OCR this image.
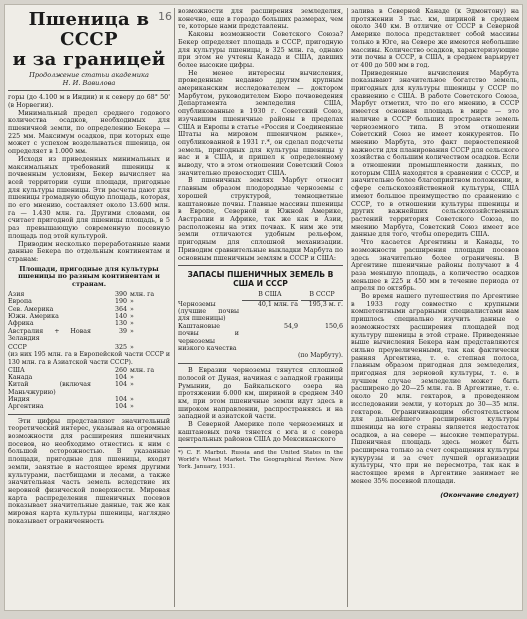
16
Пшеница в СССР
и за границей
Продолжение статьи академика
Н. И. Вавилова

горы (до 4.100 м в Индии) и к северу до 68° 50' (в Норвегии).

Минимальный предел среднего годового количества осадков, необходимых для пшеничной земли, по определению Бекера — 225 мм. Максимум осадков, при которых еще может с успехом возделываться пшеница, он определяет в 1.000 мм.

Исходя из приведенных минимальных и максимальных требований пшеницы к почвенным условиям, Бекер вычисляет на всей территории суши площади, пригодные для культуры пшеницы. Эти расчеты дают для пшеницы громадную общую площадь, которая, по его мнению, составляет около 13.600 млн. га — 1.430 млн. га. Другими словами, он считает пригодной для пшеницы площадь, в 5 раз превышающую современную посевную площадь под этой культурой.

Приводим несколько переработанные нами данные Бекера по отдельным континентам и странам:

Площади, пригодные для культуры пшеницы по разным континентам и странам.
Азия	390	млн. га
Европа	190	»
Сев. Америка	364	»
Южн. Америка	140	»
Африка	130	»
Австралия + Новая Зеландия	39	»
СССР	325	»

(из них 195 млн. га в Европейской части СССР и 130 млн. га в Азиатской части СССР).

США	260	млн. га
Канада	104	»
Китай (включая Маньчжурию)	104	»
Индия	104	»
Аргентина	104	»

Эти цифры представляют значительный теоретический интерес, указывая на огромные возможности для расширения пшеничных посевов, но необходимо отнестись к ним с большой осторожностью. В указанные площади, пригодные для пшеницы, входят земли, занятые в настоящее время другими культурами, пастбищами и лесами, а также значительная часть земель вследствие их неровной физической поверхности. Мировая карта распределения пшеничных посевов показывает значительные данные, так же как мировая карта культуры пшеницы, наглядно показывает ограниченность

возможности для расширения земледелия, конечно, еще в гораздо больших размерах, чем те, которые нами представлены.

Каковы возможности Советского Союза? Бекер определяет площадь в СССР, пригодную для культуры пшеницы, в 325 млн. га, однако при этом не учтены Канада и США, давших более высокие цифры.

Не менее интересны вычисления, проведенные недавно другим крупным американским исследователем — доктором Марбутом, руководителем Бюро почвоведения Департамента земледелия США, опубликованные в 1930 г. Советский Союз, изучавшим пшеничные районы в пределах США и Европы в статье «Россия и Соединенные Штаты на мировом пшеничном рынке», опубликованной в 1931 г.*, он сделал подсчеты земель, пригодных для культуры пшеницы у нас и в США, и пришел к определенному выводу, что в этом отношении Советский Союз значительно превосходит США.

В пшеничных землях Марбут относит главным образом плодородные черноземы с хорошей структурой, темноцветные каштановые почвы. Главные массивы пшеницы в Европе, Северной и Южной Америке, Австралии и Африке, так же как в Азии, расположены на этих почвах. К ним же эти земли отличаются удобным рельефом, пригодным для сплошной механизации. Приводим сравнительные выкладки Марбута по основным пшеничным землям в СССР и США:

ЗАПАСЫ ПШЕНИЧНЫХ ЗЕМЕЛЬ В США И СССР
В США	В СССР
Черноземы (лучшие почвы для пшеницы)
40,1 млн. га	195,3 м. г.
Каштановые почвы и черноземы низкого качества
54,9	150,6
(по Марбуту).

В Евразии черноземы тянутся сплошной полосой от Дуная, начиная с западной границы Румынии, до Байкальского озера на протяжении 6.000 км, шириной в среднем 340 км, при этом пшеничные земли идут здесь в широком направлении, распространяясь и на западной и азиатской части.

В Северной Америке поле черноземных и каштановых почв тянется с юга и с севера центральных районов США до Мексиканского

*) C. F. Marbut. Russia and the United States in the World's Wheat Market. The Geographical Review. New York. January, 1931.

залива в Северной Канаде (к Эдмонтону) на протяжении 3 тыс. км, шириной в среднем около 340 км. В отличие от СССР в Северной Америке полоса представляет собой массивы только в Юге, на Севере же имеются небольшие массивы. Количество осадков, характеризующие эти почвы в СССР, в США, в среднем варьирует от 400 до 500 мм в год.

Приведенные вычисления Марбута показывают значительное богатство земель, пригодных для культуры пшеницы у СССР по сравнению с США. В работе Советского Союза, Марбут отметил, что по его мнению, в СССР имеется основная площадь в мире — это наличие в СССР больших пространств земель черноземного типа. В этом отношении Советский Союз не имеет конкурентов. По мнению Марбута, это факт первостепенной важности для планирования СССР для сельского хозяйства с большим количеством осадков. Если в отношении промышленности данных, по которым США находятся в сравнении с СССР, и значительно более благоприятном положении, в сфере сельскохозяйственной культуры, США имеют большое преимущество по сравнению с СССР, то в отношении культуры пшеницы и других важнейших сельскохозяйственных растений территория Советского Союза, по мнению Марбута, Советский Союз имеет все данные для того, чтобы опередить США.

Что касается Аргентины и Канады, то возможности расширения площади посевов здесь значительно более ограничены. В Аргентине пшеничные районы получают в 4 раза меньшую площадь, а количество осадков меньшее в 225 и 450 мм в течение периода от апреля по октябрь.

Во время нашего путешествия по Аргентине в 1933 году совместно с крупными компетентными аграрными специалистами нам пришлось специально изучить данные о возможностях расширения площадей под культуру пшеницы в этой стране. Приведенные выше вычисления Бекера нам представляются сильно преувеличенными, так как фактически ранняя Аргентина, т. е. степная полоса, главным образом пригодная для земледелия, пригодная для зерновой культуры, т. е. в лучшем случае земледелие может быть расширено до 20—25 млн. га. В Аргентине, т. е. около 20 млн. гектаров, в проведенном исследовании земли, у которых до 30—35 млн. гектаров. Ограничивающим обстоятельством для дальнейшего расширения культуры пшеницы на юге страны является недостаток осадков, а на севере — высокие температуры. Пшеничная площадь здесь может быть расширена только за счет сокращения культуры кукурузы и за счет лучшей организации культуры, что при не пересмотра, так как в настоящее время в Аргентине занимает не менее 35% посевной площади.

(Окончание следует)
